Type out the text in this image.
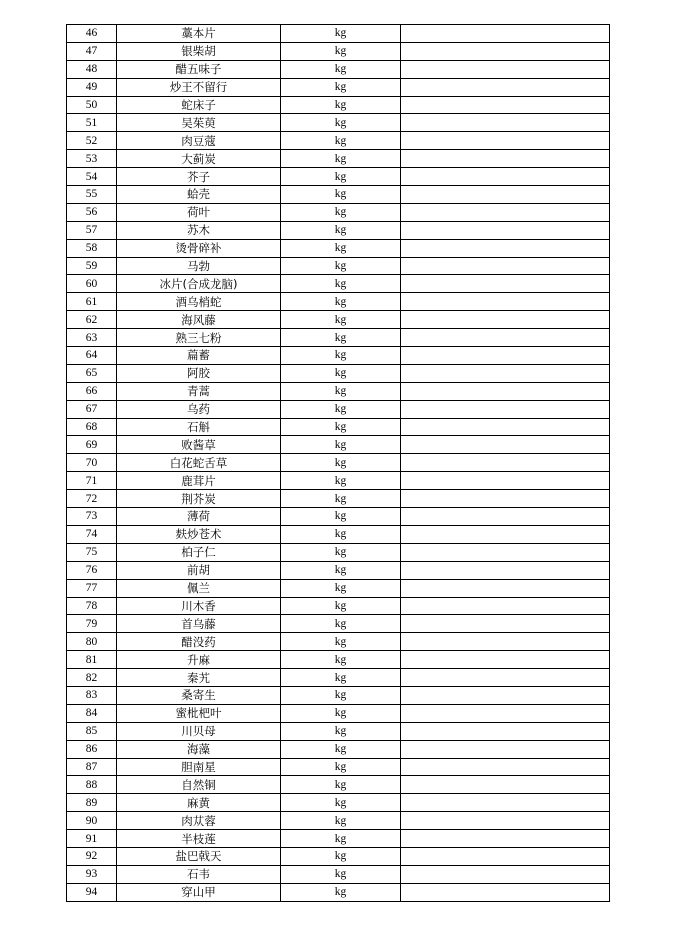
46	藁本片	kg	
47	银柴胡	kg	
48	醋五味子	kg	
49	炒王不留行	kg	
50	蛇床子	kg	
51	吴茱萸	kg	
52	肉豆蔻	kg	
53	大蓟炭	kg	
54	芥子	kg	
55	蛤壳	kg	
56	荷叶	kg	
57	苏木	kg	
58	烫骨碎补	kg	
59	马勃	kg	
60	冰片(合成龙脑)	kg	
61	酒乌梢蛇	kg	
62	海风藤	kg	
63	熟三七粉	kg	
64	萹蓄	kg	
65	阿胶	kg	
66	青蒿	kg	
67	乌药	kg	
68	石斛	kg	
69	败酱草	kg	
70	白花蛇舌草	kg	
71	鹿茸片	kg	
72	荆芥炭	kg	
73	薄荷	kg	
74	麸炒苍术	kg	
75	柏子仁	kg	
76	前胡	kg	
77	佩兰	kg	
78	川木香	kg	
79	首乌藤	kg	
80	醋没药	kg	
81	升麻	kg	
82	秦艽	kg	
83	桑寄生	kg	
84	蜜枇杷叶	kg	
85	川贝母	kg	
86	海藻	kg	
87	胆南星	kg	
88	自然铜	kg	
89	麻黄	kg	
90	肉苁蓉	kg	
91	半枝莲	kg	
92	盐巴戟天	kg	
93	石韦	kg	
94	穿山甲	kg	
